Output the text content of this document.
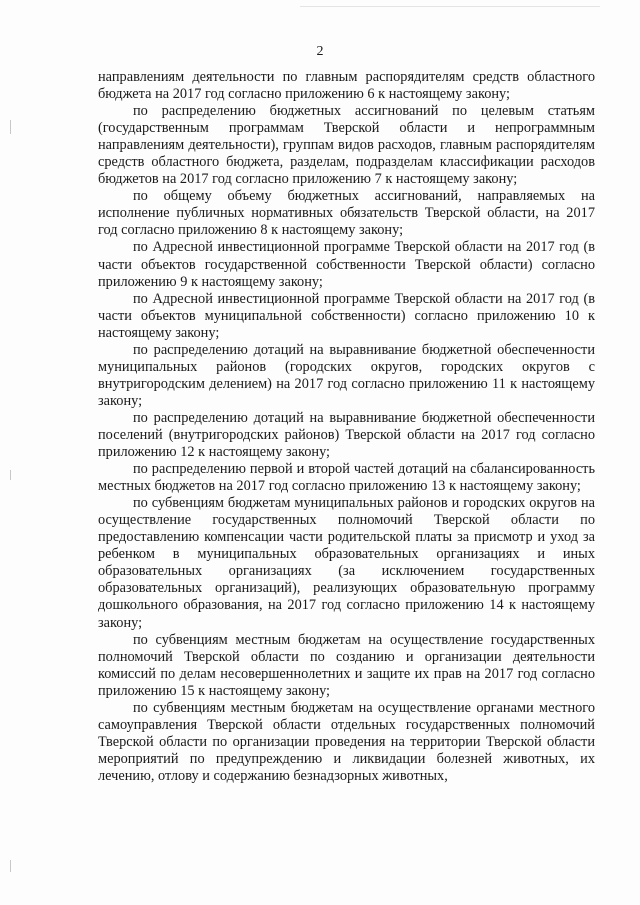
2

направлениям деятельности по главным распорядителям средств областного бюджета на 2017 год согласно приложению 6 к настоящему закону;

по распределению бюджетных ассигнований по целевым статьям (государственным программам Тверской области и непрограммным направлениям деятельности), группам видов расходов, главным распорядителям средств областного бюджета, разделам, подразделам классификации расходов бюджетов на 2017 год согласно приложению 7 к настоящему закону;

по общему объему бюджетных ассигнований, направляемых на исполнение публичных нормативных обязательств Тверской области, на 2017 год согласно приложению 8 к настоящему закону;

по Адресной инвестиционной программе Тверской области на 2017 год (в части объектов государственной собственности Тверской области) согласно приложению 9 к настоящему закону;

по Адресной инвестиционной программе Тверской области на 2017 год (в части объектов муниципальной собственности) согласно приложению 10 к настоящему закону;

по распределению дотаций на выравнивание бюджетной обеспеченности муниципальных районов (городских округов, городских округов с внутригородским делением) на 2017 год согласно приложению 11 к настоящему закону;

по распределению дотаций на выравнивание бюджетной обеспеченности поселений (внутригородских районов) Тверской области на 2017 год согласно приложению 12 к настоящему закону;

по распределению первой и второй частей дотаций на сбалансированность местных бюджетов на 2017 год согласно приложению 13 к настоящему закону;

по субвенциям бюджетам муниципальных районов и городских округов на осуществление государственных полномочий Тверской области по предоставлению компенсации части родительской платы за присмотр и уход за ребенком в муниципальных образовательных организациях и иных образовательных организациях (за исключением государственных образовательных организаций), реализующих образовательную программу дошкольного образования, на 2017 год согласно приложению 14 к настоящему закону;

по субвенциям местным бюджетам на осуществление государственных полномочий Тверской области по созданию и организации деятельности комиссий по делам несовершеннолетних и защите их прав на 2017 год согласно приложению 15 к настоящему закону;

по субвенциям местным бюджетам на осуществление органами местного самоуправления Тверской области отдельных государственных полномочий Тверской области по организации проведения на территории Тверской области мероприятий по предупреждению и ликвидации болезней животных, их лечению, отлову и содержанию безнадзорных животных,
